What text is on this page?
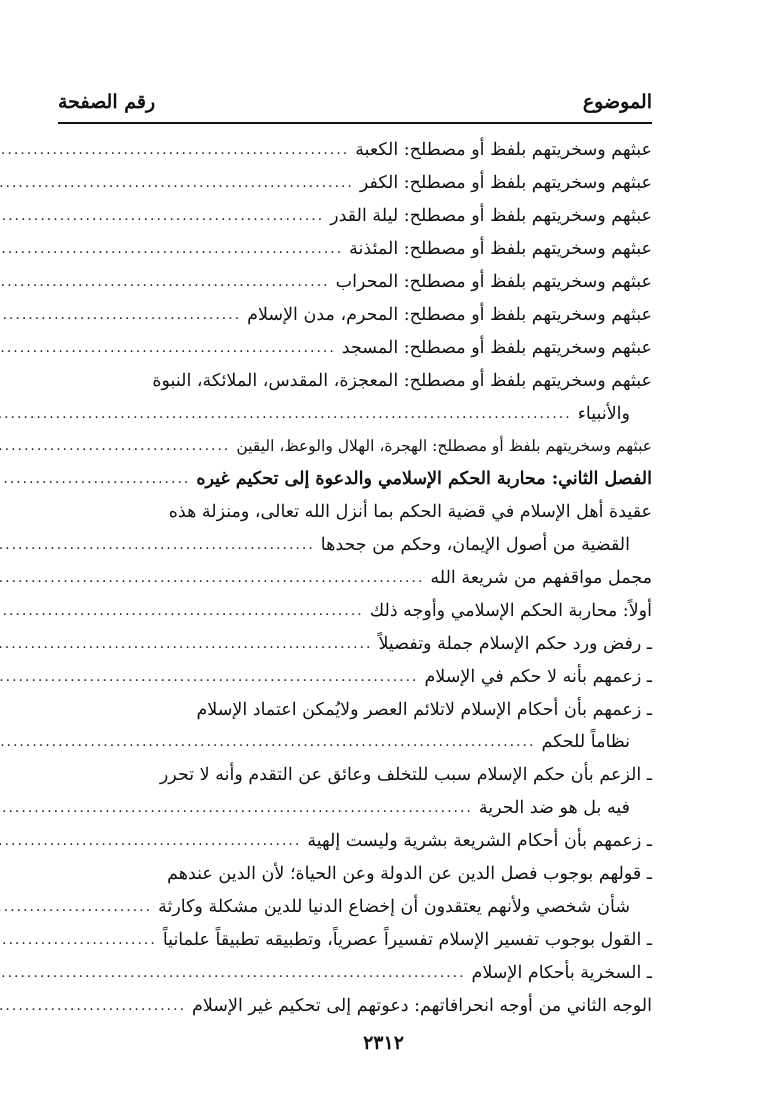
الموضوع
رقم الصفحة
عبثهم وسخريتهم بلفظ أو مصطلح: الكعبة
.....
عبثهم وسخريتهم بلفظ أو مصطلح: الكفر
.....
عبثهم وسخريتهم بلفظ أو مصطلح: ليلة القدر
.....
عبثهم وسخريتهم بلفظ أو مصطلح: المئذنة
.....
عبثهم وسخريتهم بلفظ أو مصطلح: المحراب
.....
عبثهم وسخريتهم بلفظ أو مصطلح: المحرم، مدن الإسلام
.....
عبثهم وسخريتهم بلفظ أو مصطلح: المسجد
.....
عبثهم وسخريتهم بلفظ أو مصطلح: المعجزة، المقدس، الملائكة، النبوة
والأنبياء
.....
عبثهم وسخريتهم بلفظ أو مصطلح: الهجرة، الهلال والوعظ، اليقين
.....
الفصل الثاني: محاربة الحكم الإسلامي والدعوة إلى تحكيم غيره
.....
عقيدة أهل الإسلام في قضية الحكم بما أنزل الله تعالى، ومنزلة هذه
القضية من أصول الإيمان، وحكم من جحدها
.....
مجمل مواقفهم من شريعة الله
.....
أولاً: محاربة الحكم الإسلامي وأوجه ذلك
.....
ـ رفض ورد حكم الإسلام جملة وتفصيلاً
.....
ـ زعمهم بأنه لا حكم في الإسلام
.....
ـ زعمهم بأن أحكام الإسلام لاتلائم العصر ولايُمكن اعتماد الإسلام
نظاماً للحكم
.....
ـ الزعم بأن حكم الإسلام سبب للتخلف وعائق عن التقدم وأنه لا تحرر
فيه بل هو ضد الحرية
.....
ـ زعمهم بأن أحكام الشريعة بشرية وليست إلهية
.....
ـ قولهم بوجوب فصل الدين عن الدولة وعن الحياة؛ لأن الدين عندهم
شأن شخصي ولأنهم يعتقدون أن إخضاع الدنيا للدين مشكلة وكارثة
.....
ـ القول بوجوب تفسير الإسلام تفسيراً عصرياً، وتطبيقه تطبيقاً علمانياً
.....
ـ السخرية بأحكام الإسلام
.....
الوجه الثاني من أوجه انحرافاتهم: دعوتهم إلى تحكيم غير الإسلام
.....
٢٣١٢
